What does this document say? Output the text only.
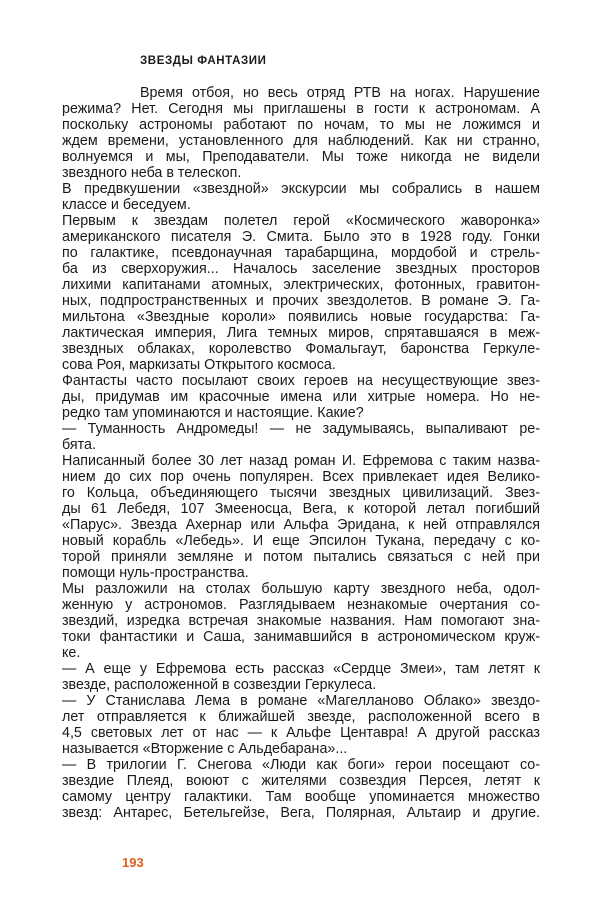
ЗВЕЗДЫ ФАНТАЗИИ
Время отбоя, но весь отряд РТВ на ногах. Нарушение
режима? Нет. Сегодня мы приглашены в гости к астрономам. А
поскольку астрономы работают по ночам, то мы не ложимся и
ждем времени, установленного для наблюдений. Как ни странно,
волнуемся и мы, Преподаватели. Мы тоже никогда не видели
звездного неба в телескоп.
В предвкушении «звездной» экскурсии мы собрались в нашем
классе и беседуем.
Первым к звездам полетел герой «Космического жаворонка»
американского писателя Э. Смита. Было это в 1928 году. Гонки
по галактике, псевдонаучная тарабарщина, мордобой и стрель-
ба из сверхоружия... Началось заселение звездных просторов
лихими капитанами атомных, электрических, фотонных, гравитон-
ных, подпространственных и прочих звездолетов. В романе Э. Га-
мильтона «Звездные короли» появились новые государства: Га-
лактическая империя, Лига темных миров, спрятавшаяся в меж-
звездных облаках, королевство Фомальгаут, баронства Геркуле-
сова Роя, маркизаты Открытого космоса.
Фантасты часто посылают своих героев на несуществующие звез-
ды, придумав им красочные имена или хитрые номера. Но не-
редко там упоминаются и настоящие. Какие?
— Туманность Андромеды! — не задумываясь, выпаливают ре-
бята.
Написанный более 30 лет назад роман И. Ефремова с таким назва-
нием до сих пор очень популярен. Всех привлекает идея Велико-
го Кольца, объединяющего тысячи звездных цивилизаций. Звез-
ды 61 Лебедя, 107 Змееносца, Вега, к которой летал погибший
«Парус». Звезда Ахернар или Альфа Эридана, к ней отправлялся
новый корабль «Лебедь». И еще Эпсилон Тукана, передачу с ко-
торой приняли земляне и потом пытались связаться с ней при
помощи нуль-пространства.
Мы разложили на столах большую карту звездного неба, одол-
женную у астрономов. Разглядываем незнакомые очертания со-
звездий, изредка встречая знакомые названия. Нам помогают зна-
токи фантастики и Саша, занимавшийся в астрономическом круж-
ке.
— А еще у Ефремова есть рассказ «Сердце Змеи», там летят к
звезде, расположенной в созвездии Геркулеса.
— У Станислава Лема в романе «Магелланово Облако» звездо-
лет отправляется к ближайшей звезде, расположенной всего в
4,5 световых лет от нас — к Альфе Центавра! А другой рассказ
называется «Вторжение с Альдебарана»...
— В трилогии Г. Снегова «Люди как боги» герои посещают со-
звездие Плеяд, воюют с жителями созвездия Персея, летят к
самому центру галактики. Там вообще упоминается множество
звезд: Антарес, Бетельгейзе, Вега, Полярная, Альтаир и другие.
193
